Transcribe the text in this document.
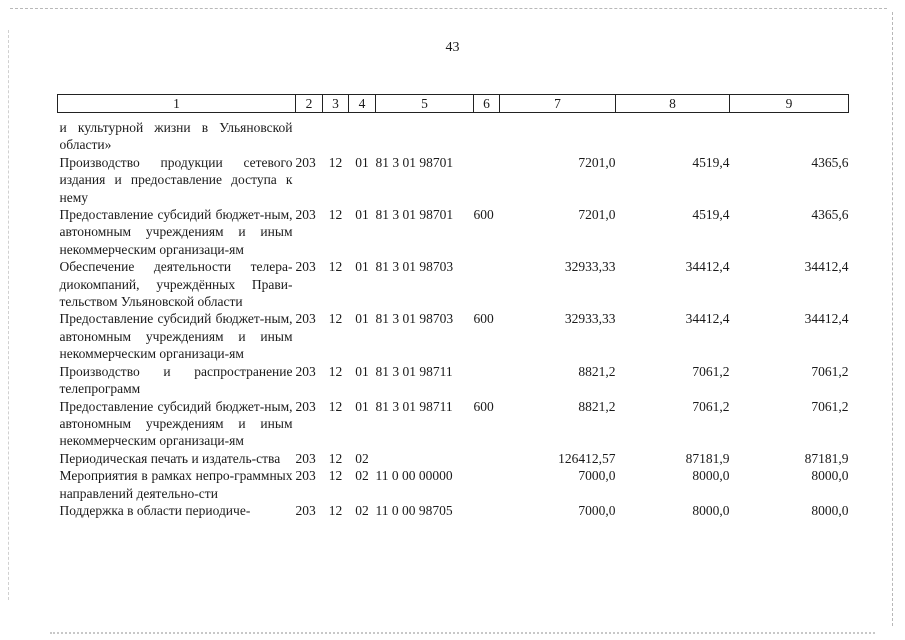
43
1	2	3	4	5	6	7	8	9

и культурной жизни в Ульяновской области»								
Производство продукции сетевого издания и предоставление доступа к нему	203	12	01	81 3 01 98701		7201,0	4519,4	4365,6
Предоставление субсидий бюджет-ным, автономным учреждениям и иным некоммерческим организаци-ям	203	12	01	81 3 01 98701	600	7201,0	4519,4	4365,6
Обеспечение деятельности телера-диокомпаний, учреждённых Прави-тельством Ульяновской области	203	12	01	81 3 01 98703		32933,33	34412,4	34412,4
Предоставление субсидий бюджет-ным, автономным учреждениям и иным некоммерческим организаци-ям	203	12	01	81 3 01 98703	600	32933,33	34412,4	34412,4
Производство и распространение телепрограмм	203	12	01	81 3 01 98711		8821,2	7061,2	7061,2
Предоставление субсидий бюджет-ным, автономным учреждениям и иным некоммерческим организаци-ям	203	12	01	81 3 01 98711	600	8821,2	7061,2	7061,2
Периодическая печать и издатель-ства	203	12	02			126412,57	87181,9	87181,9
Мероприятия в рамках непро-граммных направлений деятельно-сти	203	12	02	11 0 00 00000		7000,0	8000,0	8000,0
Поддержка в области периодиче-	203	12	02	11 0 00 98705		7000,0	8000,0	8000,0
